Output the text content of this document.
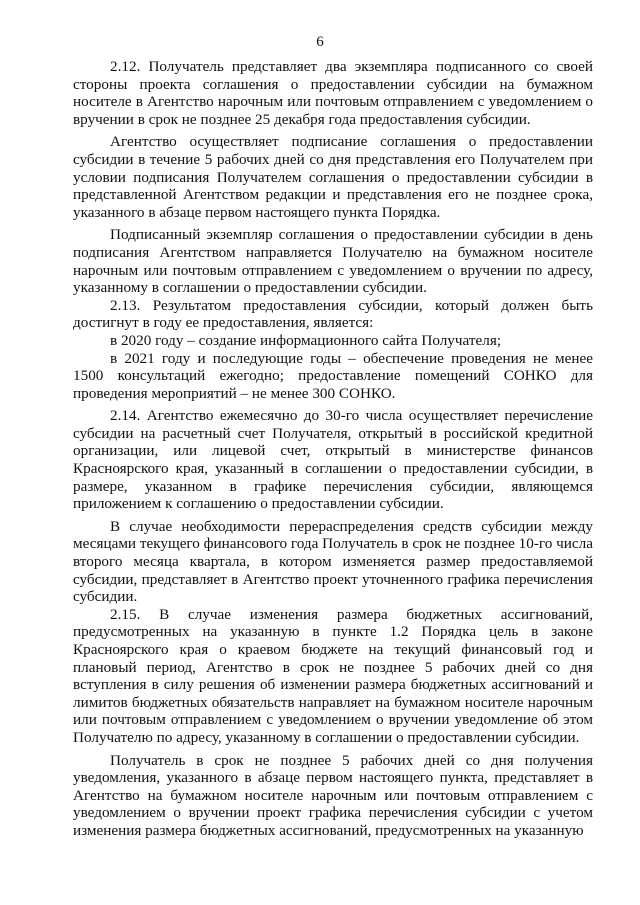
6

2.12. Получатель представляет два экземпляра подписанного со своей стороны проекта соглашения о предоставлении субсидии на бумажном носителе в Агентство нарочным или почтовым отправлением с уведомлением о вручении в срок не позднее 25 декабря года предоставления субсидии.

Агентство осуществляет подписание соглашения о предоставлении субсидии в течение 5 рабочих дней со дня представления его Получателем при условии подписания Получателем соглашения о предоставлении субсидии в представленной Агентством редакции и представления его не позднее срока, указанного в абзаце первом настоящего пункта Порядка.

Подписанный экземпляр соглашения о предоставлении субсидии в день подписания Агентством направляется Получателю на бумажном носителе нарочным или почтовым отправлением с уведомлением о вручении по адресу, указанному в соглашении о предоставлении субсидии.

2.13. Результатом предоставления субсидии, который должен быть достигнут в году ее предоставления, является:

в 2020 году – создание информационного сайта Получателя;

в 2021 году и последующие годы – обеспечение проведения не менее 1500 консультаций ежегодно; предоставление помещений СОНКО для проведения мероприятий – не менее 300 СОНКО.

2.14. Агентство ежемесячно до 30-го числа осуществляет перечисление субсидии на расчетный счет Получателя, открытый в российской кредитной организации, или лицевой счет, открытый в министерстве финансов Красноярского края, указанный в соглашении о предоставлении субсидии, в размере, указанном в графике перечисления субсидии, являющемся приложением к соглашению о предоставлении субсидии.

В случае необходимости перераспределения средств субсидии между месяцами текущего финансового года Получатель в срок не позднее 10-го числа второго месяца квартала, в котором изменяется размер предоставляемой субсидии, представляет в Агентство проект уточненного графика перечисления субсидии.

2.15. В случае изменения размера бюджетных ассигнований, предусмотренных на указанную в пункте 1.2 Порядка цель в законе Красноярского края о краевом бюджете на текущий финансовый год и плановый период, Агентство в срок не позднее 5 рабочих дней со дня вступления в силу решения об изменении размера бюджетных ассигнований и лимитов бюджетных обязательств направляет на бумажном носителе нарочным или почтовым отправлением с уведомлением о вручении уведомление об этом Получателю по адресу, указанному в соглашении о предоставлении субсидии.

Получатель в срок не позднее 5 рабочих дней со дня получения уведомления, указанного в абзаце первом настоящего пункта, представляет в Агентство на бумажном носителе нарочным или почтовым отправлением с уведомлением о вручении проект графика перечисления субсидии с учетом изменения размера бюджетных ассигнований, предусмотренных на указанную
